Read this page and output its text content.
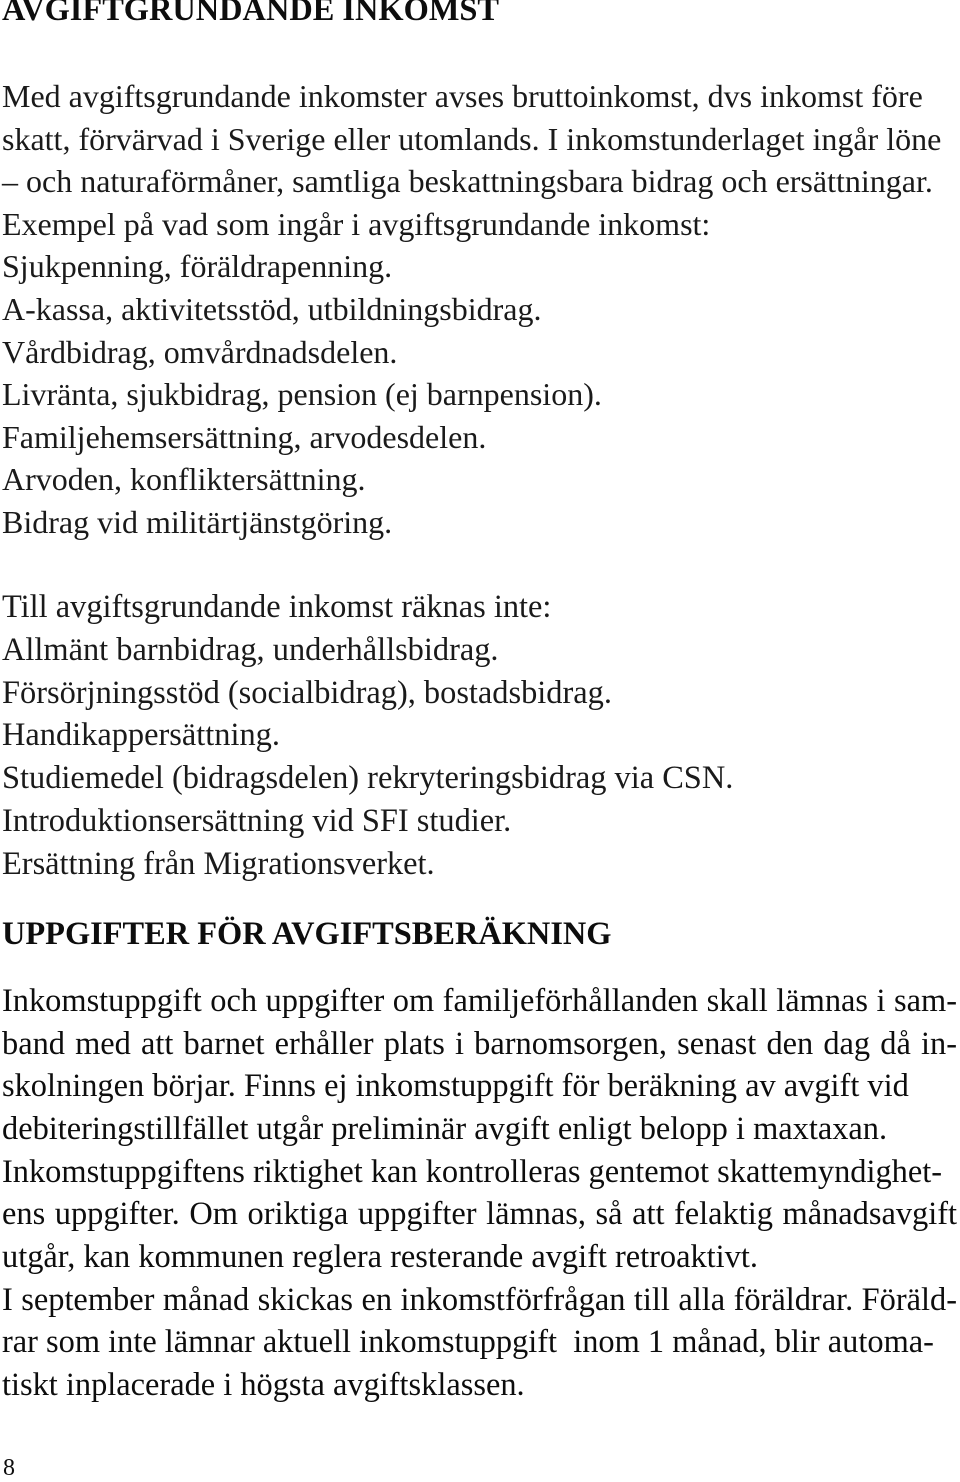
AVGIFTGRUNDANDE INKOMST
Med avgiftsgrundande inkomster avses bruttoinkomst, dvs inkomst före
skatt, förvärvad i Sverige eller utomlands. I inkomstunderlaget ingår löne
– och naturaförmåner, samtliga beskattningsbara bidrag och ersättningar.
Exempel på vad som ingår i avgiftsgrundande inkomst:
Sjukpenning, föräldrapenning.
A-kassa, aktivitetsstöd, utbildningsbidrag.
Vårdbidrag, omvårdnadsdelen.
Livränta, sjukbidrag, pension (ej barnpension).
Familjehemsersättning, arvodesdelen.
Arvoden, konfliktersättning.
Bidrag vid militärtjänstgöring.
Till avgiftsgrundande inkomst räknas inte:
Allmänt barnbidrag, underhållsbidrag.
Försörjningsstöd (socialbidrag), bostadsbidrag.
Handikappersättning.
Studiemedel (bidragsdelen) rekryteringsbidrag via CSN.
Introduktionsersättning vid SFI studier.
Ersättning från Migrationsverket.
UPPGIFTER FÖR AVGIFTSBERÄKNING
Inkomstuppgift och uppgifter om familjeförhållanden skall lämnas i sam-
band med att barnet erhåller plats i barnomsorgen, senast den dag då in-
skolningen börjar. Finns ej inkomstuppgift för beräkning av avgift vid
debiteringstillfället utgår preliminär avgift enligt belopp i maxtaxan.
Inkomstuppgiftens riktighet kan kontrolleras gentemot skattemyndighet-
ens uppgifter. Om oriktiga uppgifter lämnas, så att felaktig månadsavgift
utgår, kan kommunen reglera resterande avgift retroaktivt.
I september månad skickas en inkomstförfrågan till alla föräldrar. Föräld-
rar som inte lämnar aktuell inkomstuppgift  inom 1 månad, blir automa-
tiskt inplacerade i högsta avgiftsklassen.
8
